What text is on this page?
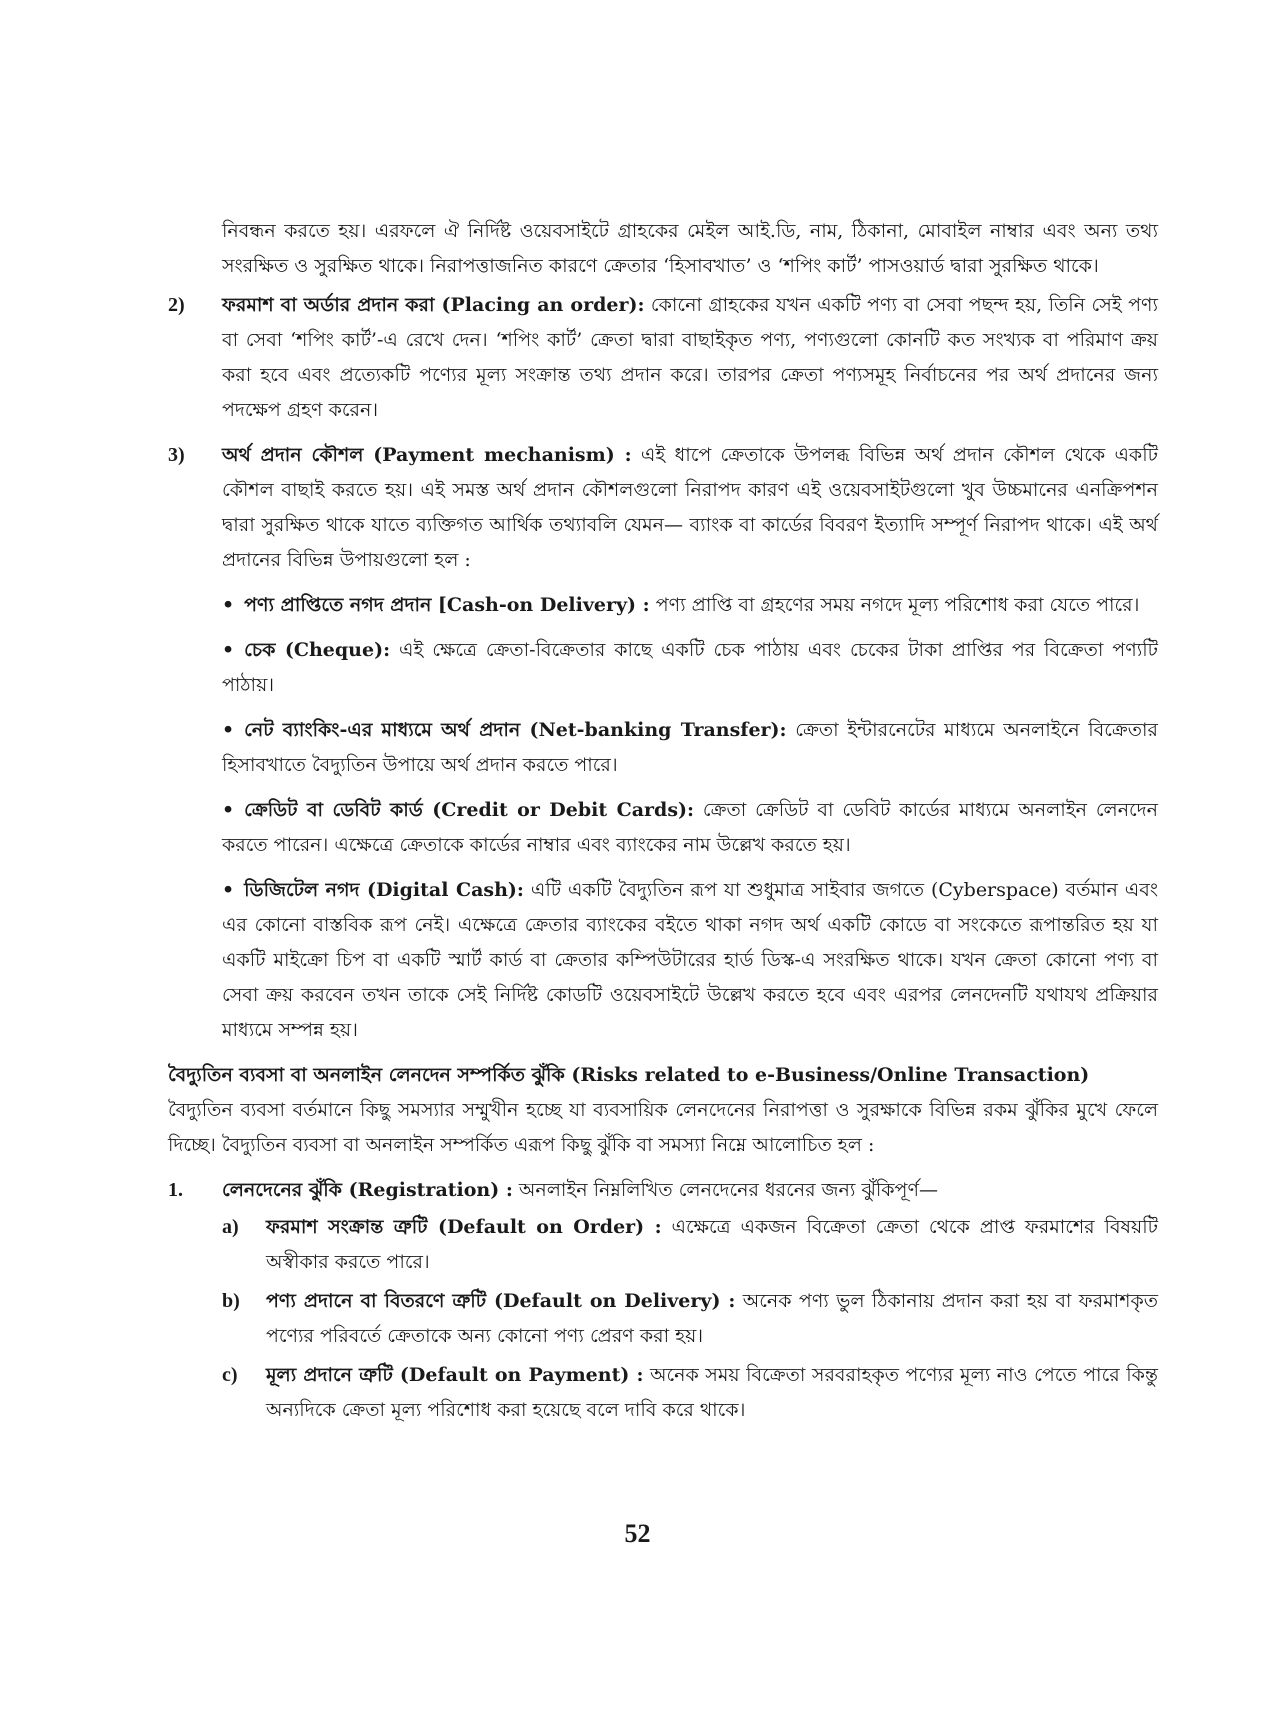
নিবন্ধন করতে হয়। এরফলে ঐ নির্দিষ্ট ওয়েবসাইটে গ্রাহকের মেইল আই.ডি, নাম, ঠিকানা, মোবাইল নাম্বার এবং অন্য তথ্য সংরক্ষিত ও সুরক্ষিত থাকে। নিরাপত্তাজনিত কারণে ক্রেতার ‘হিসাবখাত’ ও ‘শপিং কার্ট’ পাসওয়ার্ড দ্বারা সুরক্ষিত থাকে।

2) ফরমাশ বা অর্ডার প্রদান করা (Placing an order): কোনো গ্রাহকের যখন একটি পণ্য বা সেবা পছন্দ হয়, তিনি সেই পণ্য বা সেবা ‘শপিং কার্ট’-এ রেখে দেন। ‘শপিং কার্ট’ ক্রেতা দ্বারা বাছাইকৃত পণ্য, পণ্যগুলো কোনটি কত সংখ্যক বা পরিমাণ ক্রয় করা হবে এবং প্রত্যেকটি পণ্যের মূল্য সংক্রান্ত তথ্য প্রদান করে। তারপর ক্রেতা পণ্যসমূহ নির্বাচনের পর অর্থ প্রদানের জন্য পদক্ষেপ গ্রহণ করেন।
3) অর্থ প্রদান কৌশল (Payment mechanism) : এই ধাপে ক্রেতাকে উপলব্ধ বিভিন্ন অর্থ প্রদান কৌশল থেকে একটি কৌশল বাছাই করতে হয়। এই সমস্ত অর্থ প্রদান কৌশলগুলো নিরাপদ কারণ এই ওয়েবসাইটগুলো খুব উচ্চমানের এনক্রিপশন দ্বারা সুরক্ষিত থাকে যাতে ব্যক্তিগত আর্থিক তথ্যাবলি যেমন— ব্যাংক বা কার্ডের বিবরণ ইত্যাদি সম্পূর্ণ নিরাপদ থাকে। এই অর্থ প্রদানের বিভিন্ন উপায়গুলো হল :
• পণ্য প্রাপ্তিতে নগদ প্রদান [Cash-on Delivery) : পণ্য প্রাপ্তি বা গ্রহণের সময় নগদে মূল্য পরিশোধ করা যেতে পারে।
• চেক (Cheque): এই ক্ষেত্রে ক্রেতা-বিক্রেতার কাছে একটি চেক পাঠায় এবং চেকের টাকা প্রাপ্তির পর বিক্রেতা পণ্যটি পাঠায়।
• নেট ব্যাংকিং-এর মাধ্যমে অর্থ প্রদান (Net-banking Transfer): ক্রেতা ইন্টারনেটের মাধ্যমে অনলাইনে বিক্রেতার হিসাবখাতে বৈদ্যুতিন উপায়ে অর্থ প্রদান করতে পারে।
• ক্রেডিট বা ডেবিট কার্ড (Credit or Debit Cards): ক্রেতা ক্রেডিট বা ডেবিট কার্ডের মাধ্যমে অনলাইন লেনদেন করতে পারেন। এক্ষেত্রে ক্রেতাকে কার্ডের নাম্বার এবং ব্যাংকের নাম উল্লেখ করতে হয়।
• ডিজিটেল নগদ (Digital Cash): এটি একটি বৈদ্যুতিন রূপ যা শুধুমাত্র সাইবার জগতে (Cyberspace) বর্তমান এবং এর কোনো বাস্তবিক রূপ নেই। এক্ষেত্রে ক্রেতার ব্যাংকের বইতে থাকা নগদ অর্থ একটি কোডে বা সংকেতে রূপান্তরিত হয় যা একটি মাইক্রো চিপ বা একটি স্মার্ট কার্ড বা ক্রেতার কম্পিউটারের হার্ড ডিস্ক-এ সংরক্ষিত থাকে। যখন ক্রেতা কোনো পণ্য বা সেবা ক্রয় করবেন তখন তাকে সেই নির্দিষ্ট কোডটি ওয়েবসাইটে উল্লেখ করতে হবে এবং এরপর লেনদেনটি যথাযথ প্রক্রিয়ার মাধ্যমে সম্পন্ন হয়।

বৈদ্যুতিন ব্যবসা বা অনলাইন লেনদেন সম্পর্কিত ঝুঁকি (Risks related to e-Business/Online Transaction)

বৈদ্যুতিন ব্যবসা বর্তমানে কিছু সমস্যার সম্মুখীন হচ্ছে যা ব্যবসায়িক লেনদেনের নিরাপত্তা ও সুরক্ষাকে বিভিন্ন রকম ঝুঁকির মুখে ফেলে দিচ্ছে। বৈদ্যুতিন ব্যবসা বা অনলাইন সম্পর্কিত এরূপ কিছু ঝুঁকি বা সমস্যা নিম্নে আলোচিত হল :

1. লেনদেনের ঝুঁকি (Registration) : অনলাইন নিম্নলিখিত লেনদেনের ধরনের জন্য ঝুঁকিপূর্ণ—
a) ফরমাশ সংক্রান্ত ত্রুটি (Default on Order) : এক্ষেত্রে একজন বিক্রেতা ক্রেতা থেকে প্রাপ্ত ফরমাশের বিষয়টি অস্বীকার করতে পারে।
b) পণ্য প্রদানে বা বিতরণে ত্রুটি (Default on Delivery) : অনেক পণ্য ভুল ঠিকানায় প্রদান করা হয় বা ফরমাশকৃত পণ্যের পরিবর্তে ক্রেতাকে অন্য কোনো পণ্য প্রেরণ করা হয়।
c) মূল্য প্রদানে ত্রুটি (Default on Payment) : অনেক সময় বিক্রেতা সরবরাহকৃত পণ্যের মূল্য নাও পেতে পারে কিন্তু অন্যদিকে ক্রেতা মূল্য পরিশোধ করা হয়েছে বলে দাবি করে থাকে।
52
